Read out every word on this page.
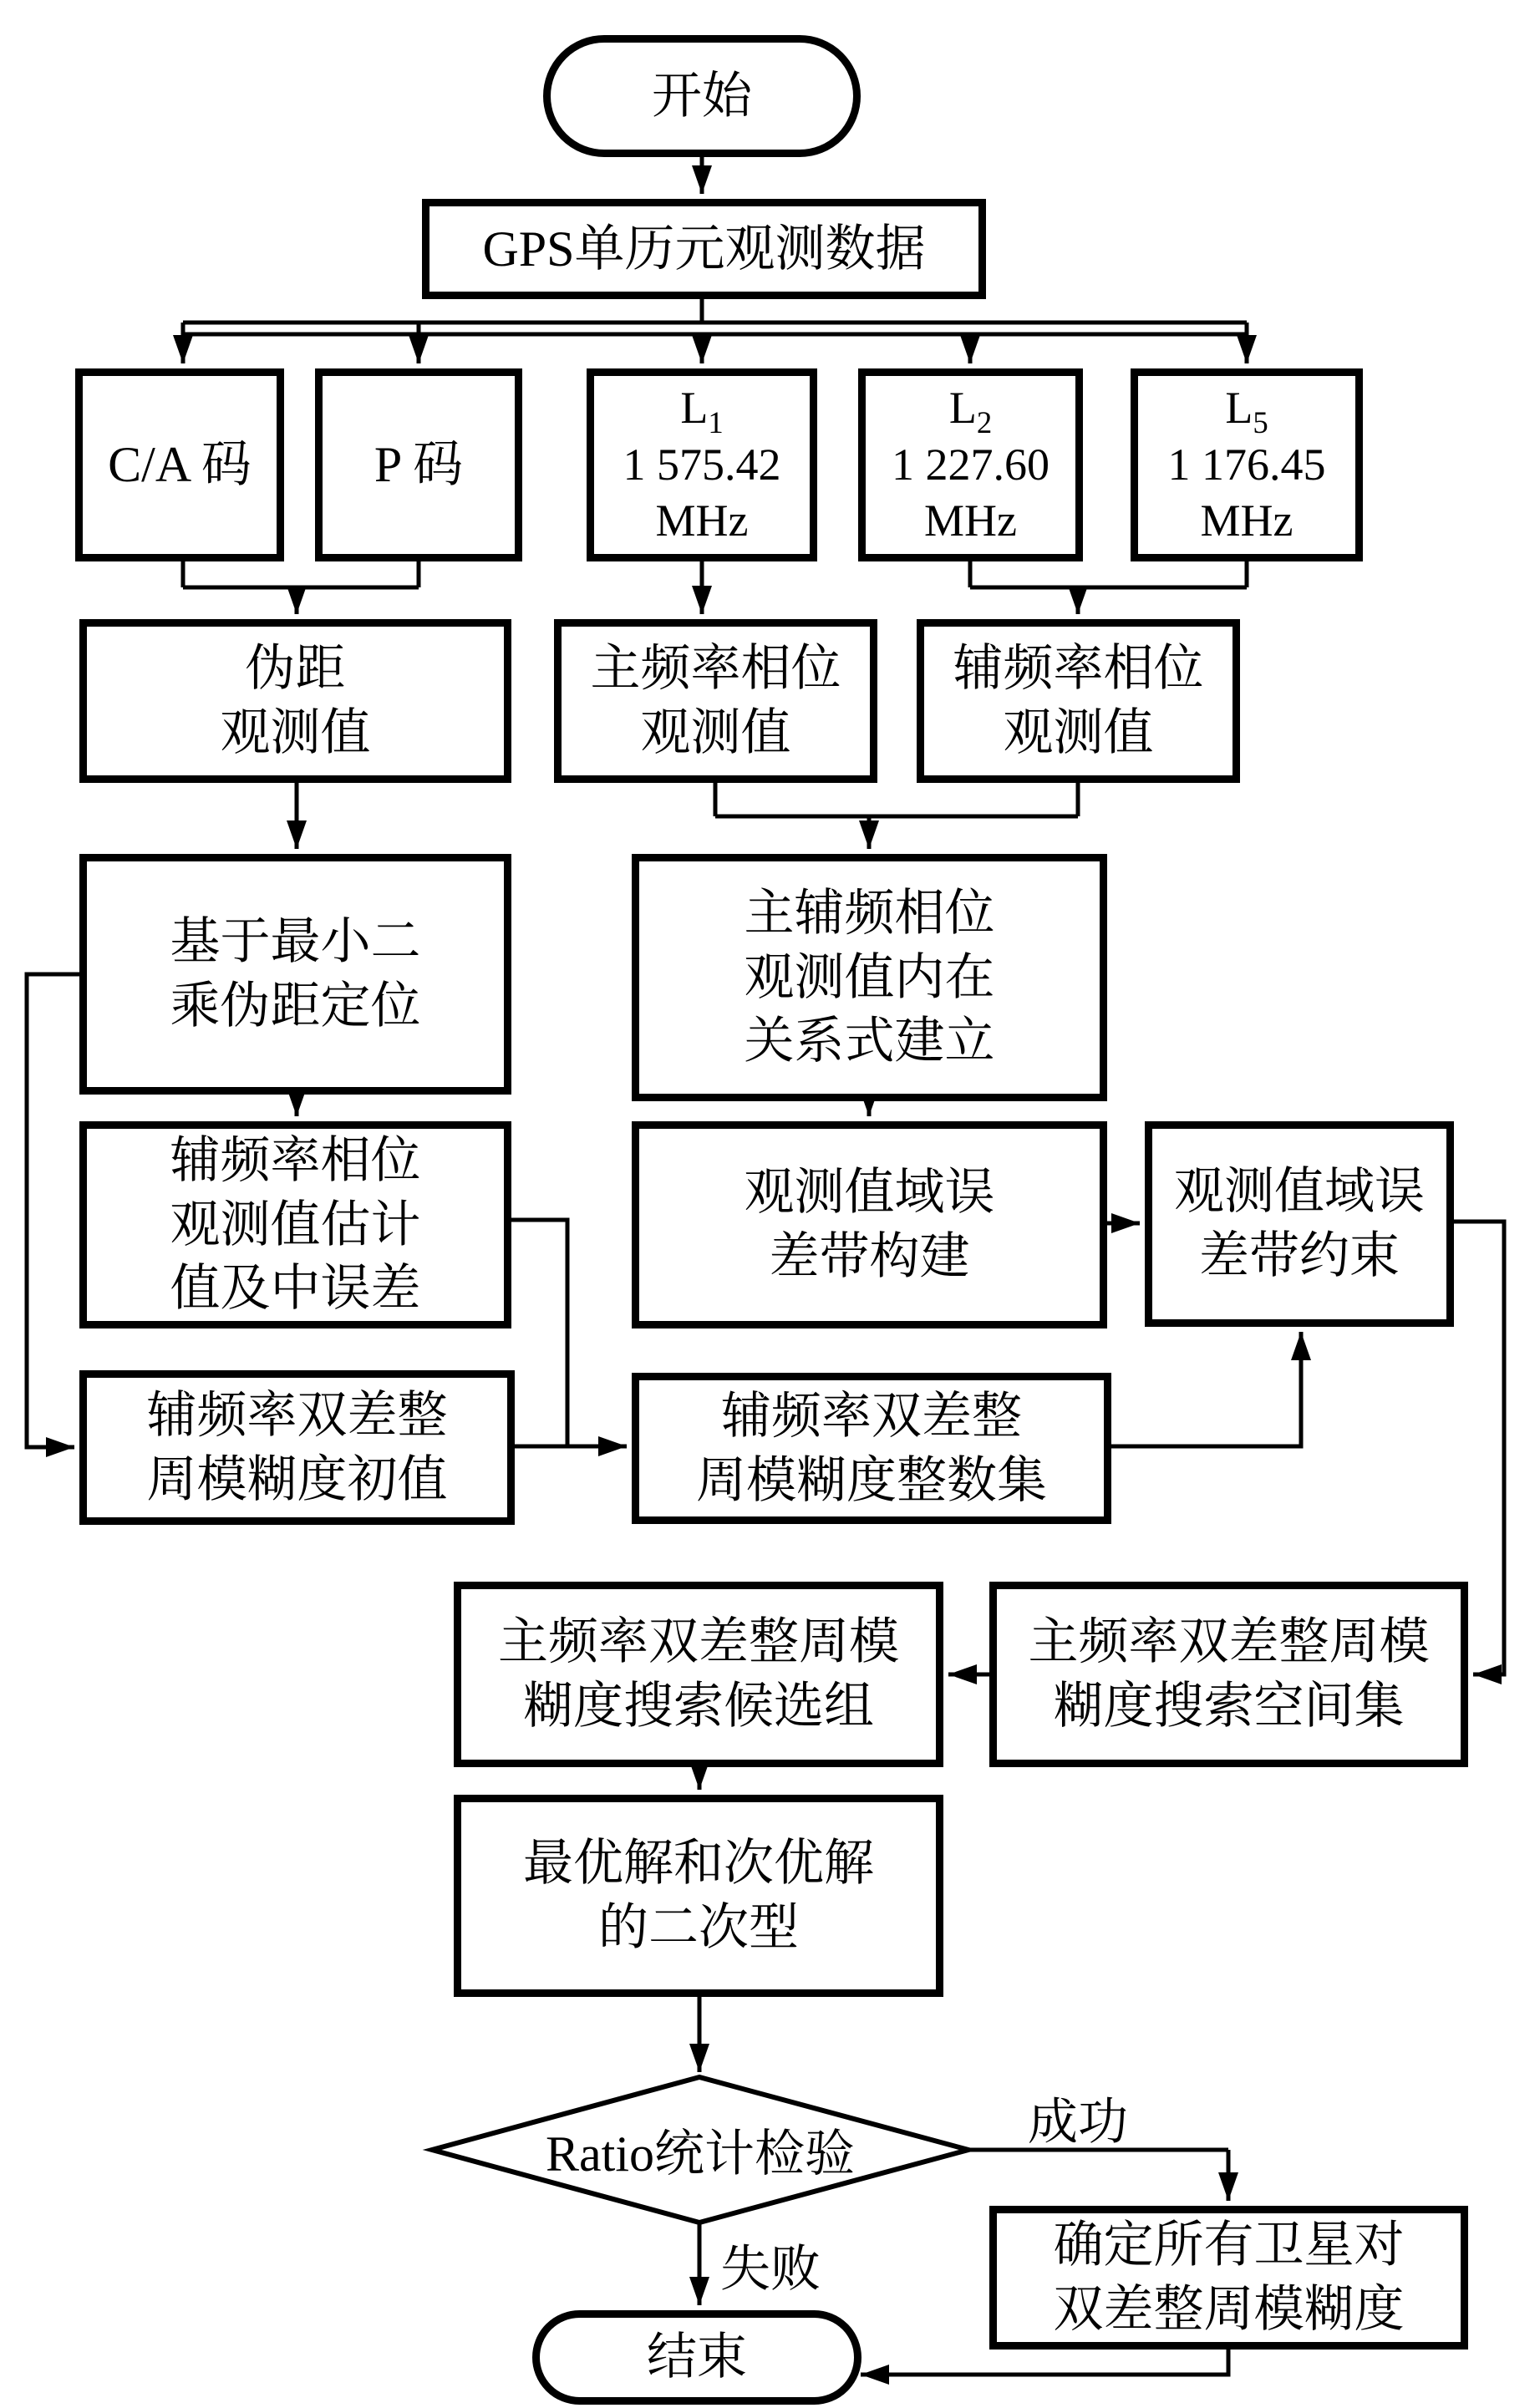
开始
GPS单历元观测数据
C/A 码 P 码
$L_1$
1 575.42
MHz
$L_2$
1 227.60
MHz
$L_5$
1 176.45
MHz
伪距
观测值
主频率相位
观测值
辅频率相位
观测值
基于最小二
乘伪距定位
主辅频相位
观测值内在
关系式建立
辅频率相位
观测值估计
值及中误差
观测值域误
差带构建
观测值域误
差带约束
辅频率双差整
周模糊度初值
辅频率双差整
周模糊度整数集
主频率双差整周模
糊度搜索候选组
主频率双差整周模
糊度搜索空间集
最优解和次优解
的二次型
Ratio统计检验
成功
失败	确定所有卫星对
双差整周模糊度
结束
